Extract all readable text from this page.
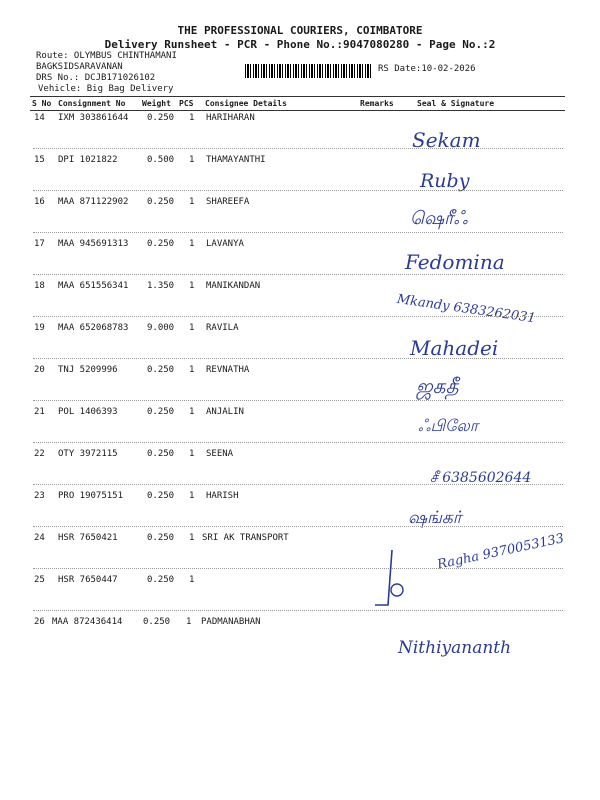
THE PROFESSIONAL COURIERS, COIMBATORE
Delivery Runsheet - PCR - Phone No.:9047080280 - Page No.:2
Route: OLYMBUS CHINTHAMANI
BAGKSIDSARAVANAN
DRS No.: DCJB171026102
Vehicle: Big Bag Delivery
RS Date:10-02-2026
S No Consignment No Weight PCS Consignee Details	Remarks	Seal & Signature
14 IXM 303861644 0.250 1 HARIHARAN
Sekam
15 DPI 1021822	0.500 1 THAMAYANTHI
Ruby
16 MAA 871122902 0.250 1 SHAREEFA
ஷெரீஃ
17 MAA 945691313 0.250 1 LAVANYA
Fedomina
18 MAA 651556341 1.350 1 MANIKANDAN
Mkandy 6383262031
19 MAA 652068783 9.000 1 RAVILA
Mahadei
20 TNJ 5209996	0.250 1 REVNATHA
ஜகதீ
21 POL 1406393	0.250 1 ANJALIN
ஃபிலோ
22 OTY 3972115	0.250 1 SEENA
சீ 6385602644
23 PRO 19075151	0.250 1 HARISH
ஷங்கர்
24 HSR 7650421	0.250 1 SRI AK TRANSPORT	Ragha 9370053133
25 HSR 7650447	0.250 1
26 MAA 872436414 0.250 1 PADMANABHAN
Nithiyananth
